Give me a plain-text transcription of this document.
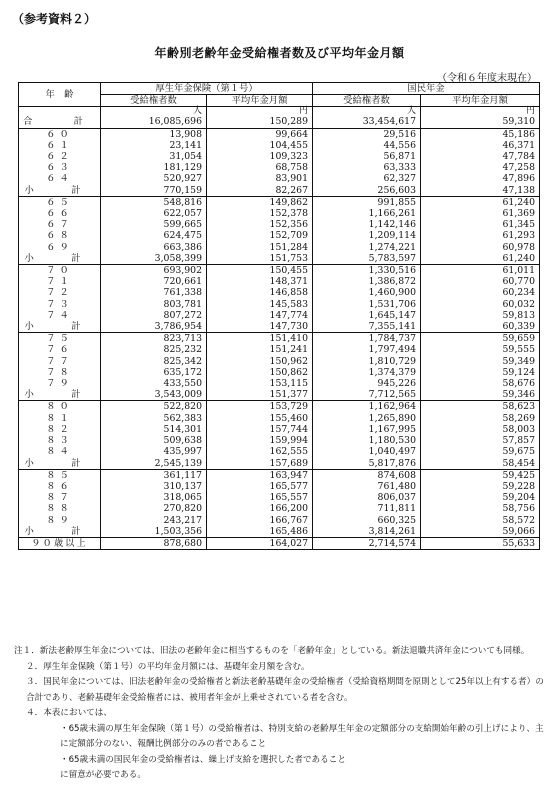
（参考資料２）
年齢別老齢年金受給権者数及び平均年金月額
（令和６年度末現在）
年　齢	厚生年金保険（第１号）		国民年金	
	受給権者数	平均年金月額	受給権者数	平均年金月額
	人	円	人	円
合　計	16,085,696	150,289	33,454,617	59,310
６０	13,908	99,664	29,516	45,186
６１	23,141	104,455	44,556	46,371
６２	31,054	109,323	56,871	47,784
６３	181,129	68,758	63,333	47,258
６４	520,927	83,901	62,327	47,896
小　計	770,159	82,267	256,603	47,138
６５	548,816	149,862	991,855	61,240
６６	622,057	152,378	1,166,261	61,369
６７	599,665	152,356	1,142,146	61,345
６８	624,475	152,709	1,209,114	61,293
６９	663,386	151,284	1,274,221	60,978
小　計	3,058,399	151,753	5,783,597	61,240
７０	693,902	150,455	1,330,516	61,011
７１	720,661	148,371	1,386,872	60,770
７２	761,338	146,858	1,460,900	60,234
７３	803,781	145,583	1,531,706	60,032
７４	807,272	147,774	1,645,147	59,813
小　計	3,786,954	147,730	7,355,141	60,339
７５	823,713	151,410	1,784,737	59,659
７６	825,232	151,241	1,797,494	59,555
７７	825,342	150,962	1,810,729	59,349
７８	635,172	150,862	1,374,379	59,124
７９	433,550	153,115	945,226	58,676
小　計	3,543,009	151,377	7,712,565	59,346
８０	522,820	153,729	1,162,964	58,623
８１	562,383	155,460	1,265,890	58,269
８２	514,301	157,744	1,167,995	58,003
８３	509,638	159,994	1,180,530	57,857
８４	435,997	162,555	1,040,497	59,675
小　計	2,545,139	157,689	5,817,876	58,454
８５	361,117	163,947	874,608	59,425
８６	310,137	165,577	761,480	59,228
８７	318,065	165,557	806,037	59,204
８８	270,820	166,200	711,811	58,756
８９	243,217	166,767	660,325	58,572
小　計	1,503,356	165,486	3,814,261	59,066
９０歳以上	878,680	164,027	2,714,574	55,633

注１．新法老齢厚生年金については、旧法の老齢年金に相当するものを「老齢年金」としている。新法退職共済年金についても同様。

２．厚生年金保険（第１号）の平均年金月額には、基礎年金月額を含む。

３．国民年金については、旧法老齢年金の受給権者と新法老齢基礎年金の受給権者（受給資格期間を原則として25年以上有する者）の合計であり、老齢基礎年金受給権者には、被用者年金が上乗せされている者を含む。

４．本表においては、

・65歳未満の厚生年金保険（第１号）の受給権者は、特別支給の老齢厚生年金の定額部分の支給開始年齢の引上げにより、主に定額部分のない、報酬比例部分のみの者であること

・65歳未満の国民年金の受給権者は、繰上げ支給を選択した者であること

に留意が必要である。
